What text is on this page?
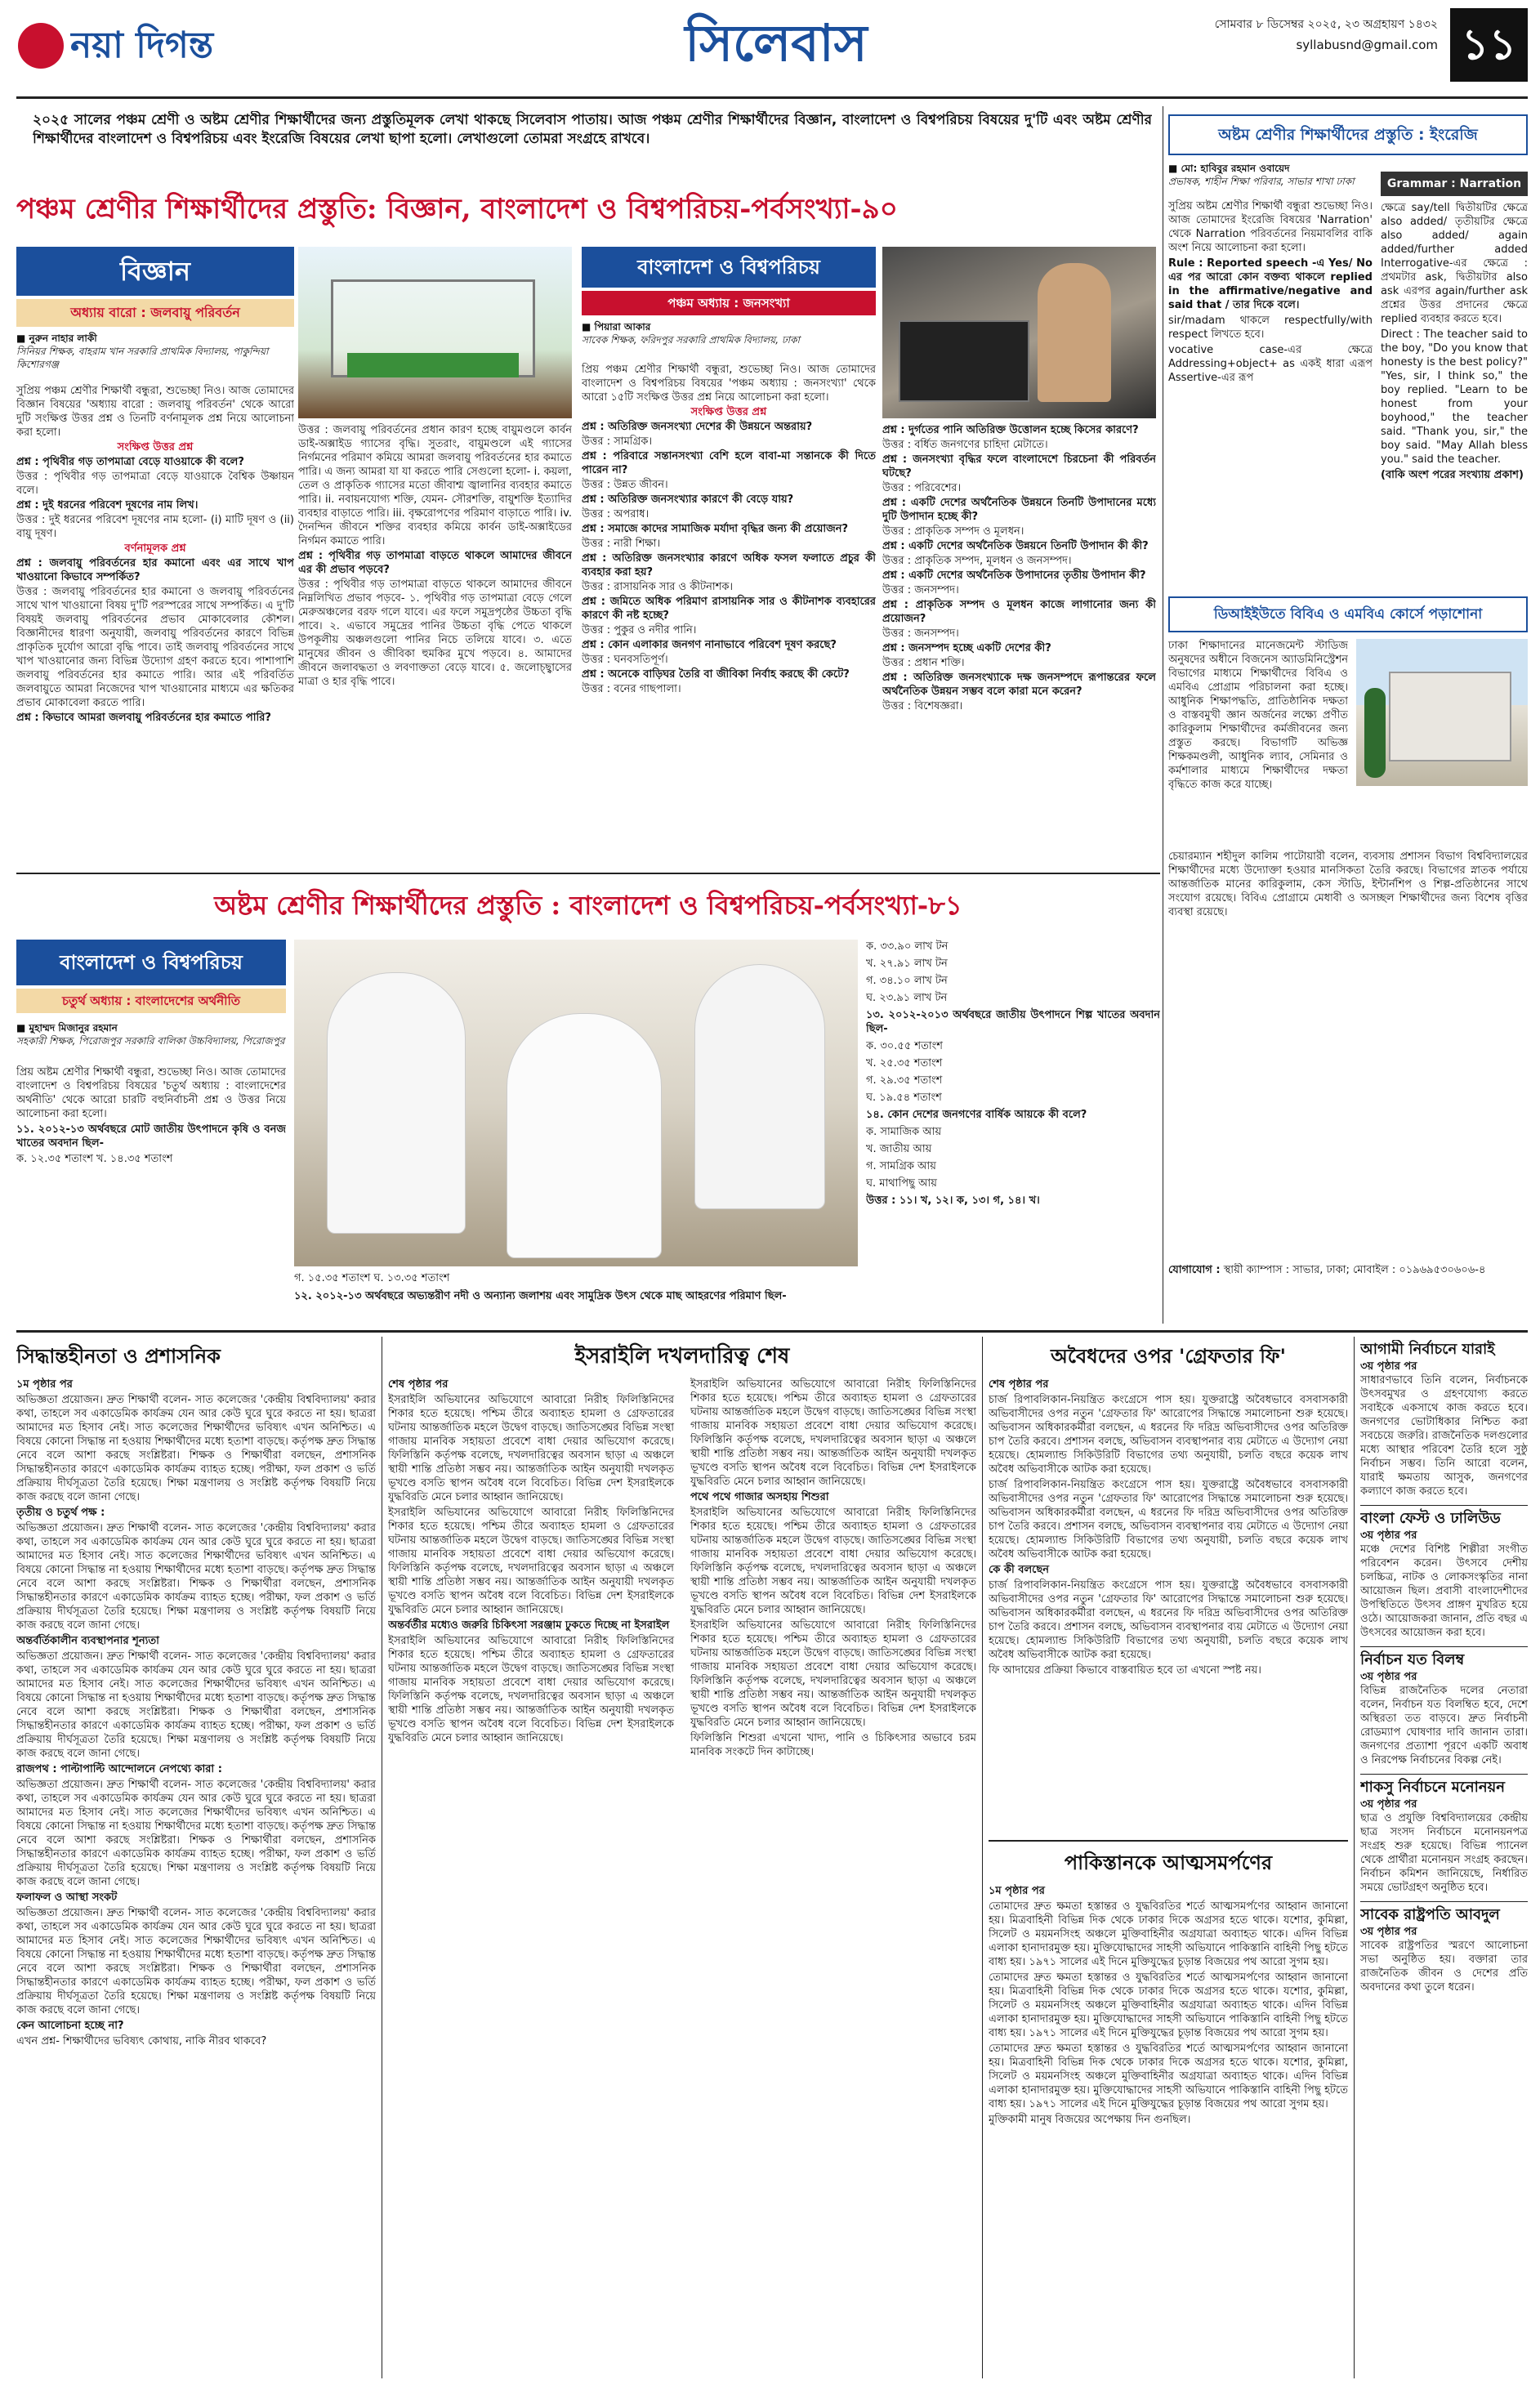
নয়া দিগন্ত	সিলেবাস	সোমবার ৮ ডিসেম্বর ২০২৫, ২৩ অগ্রহায়ণ ১৪৩২
syllabusnd@gmail.com ১১
২০২৫ সালের পঞ্চম শ্রেণী ও অষ্টম শ্রেণীর শিক্ষার্থীদের জন্য প্রস্তুতিমূলক লেখা থাকছে সিলেবাস পাতায়। আজ পঞ্চম শ্রেণীর শিক্ষার্থীদের বিজ্ঞান, বাংলাদেশ ও বিশ্বপরিচয় বিষয়ের দু'টি এবং অষ্টম শ্রেণীর শিক্ষার্থীদের বাংলাদেশ ও বিশ্বপরিচয় এবং ইংরেজি বিষয়ের লেখা ছাপা হলো। লেখাগুলো তোমরা সংগ্রহে রাখবে।
পঞ্চম শ্রেণীর শিক্ষার্থীদের প্রস্তুতি: বিজ্ঞান, বাংলাদেশ ও বিশ্বপরিচয়-পর্বসংখ্যা-৯০
বিজ্ঞান
অধ্যায় বারো : জলবায়ু পরিবর্তন
■ নুরুন নাহার লাকী
সিনিয়র শিক্ষক, বাহরাম খান সরকারি প্রাথমিক বিদ্যালয়, পাকুন্দিয়া কিশোরগঞ্জ

সুপ্রিয় পঞ্চম শ্রেণীর শিক্ষার্থী বন্ধুরা, শুভেচ্ছা নিও। আজ তোমাদের বিজ্ঞান বিষয়ের 'অধ্যায় বারো : জলবায়ু পরিবর্তন' থেকে আরো দুটি সংক্ষিপ্ত উত্তর প্রশ্ন ও তিনটি বর্ণনামূলক প্রশ্ন নিয়ে আলোচনা করা হলো।

সংক্ষিপ্ত উত্তর প্রশ্ন

প্রশ্ন : পৃথিবীর গড় তাপমাত্রা বেড়ে যাওয়াকে কী বলে?

উত্তর : পৃথিবীর গড় তাপমাত্রা বেড়ে যাওয়াকে বৈশ্বিক উষ্ণায়ন বলে।

প্রশ্ন : দুই ধরনের পরিবেশ দূষণের নাম লিখ।

উত্তর : দুই ধরনের পরিবেশ দূষণের নাম হলো- (i) মাটি দূষণ ও (ii) বায়ু দূষণ।

বর্ণনামূলক প্রশ্ন

প্রশ্ন : জলবায়ু পরিবর্তনের হার কমানো এবং এর সাথে খাপ খাওয়ানো কিভাবে সম্পর্কিত?

উত্তর : জলবায়ু পরিবর্তনের হার কমানো ও জলবায়ু পরিবর্তনের সাথে খাপ খাওয়ানো বিষয় দু'টি পরস্পরের সাথে সম্পর্কিত। এ দু'টি বিষয়ই জলবায়ু পরিবর্তনের প্রভাব মোকাবেলার কৌশল। বিজ্ঞানীদের ধারণা অনুযায়ী, জলবায়ু পরিবর্তনের কারণে বিভিন্ন প্রাকৃতিক দুর্যোগ আরো বৃদ্ধি পাবে। তাই জলবায়ু পরিবর্তনের সাথে খাপ খাওয়ানোর জন্য বিভিন্ন উদ্যোগ গ্রহণ করতে হবে। পাশাপাশি জলবায়ু পরিবর্তনের হার কমাতে পারি। আর এই পরিবর্তিত জলবায়ুতে আমরা নিজেদের খাপ খাওয়ানোর মাধ্যমে এর ক্ষতিকর প্রভাব মোকাবেলা করতে পারি।

প্রশ্ন : কিভাবে আমরা জলবায়ু পরিবর্তনের হার কমাতে পারি?

উত্তর : জলবায়ু পরিবর্তনের প্রধান কারণ হচ্ছে বায়ুমণ্ডলে কার্বন ডাই-অক্সাইড গ্যাসের বৃদ্ধি। সুতরাং, বায়ুমণ্ডলে এই গ্যাসের নির্গমনের পরিমাণ কমিয়ে আমরা জলবায়ু পরিবর্তনের হার কমাতে পারি। এ জন্য আমরা যা যা করতে পারি সেগুলো হলো- i. কয়লা, তেল ও প্রাকৃতিক গ্যাসের মতো জীবাশ্ম জ্বালানির ব্যবহার কমাতে পারি। ii. নবায়নযোগ্য শক্তি, যেমন- সৌরশক্তি, বায়ুশক্তি ইত্যাদির ব্যবহার বাড়াতে পারি। iii. বৃক্ষরোপণের পরিমাণ বাড়াতে পারি। iv. দৈনন্দিন জীবনে শক্তির ব্যবহার কমিয়ে কার্বন ডাই-অক্সাইডের নির্গমন কমাতে পারি।

প্রশ্ন : পৃথিবীর গড় তাপমাত্রা বাড়তে থাকলে আমাদের জীবনে এর কী প্রভাব পড়বে?

উত্তর : পৃথিবীর গড় তাপমাত্রা বাড়তে থাকলে আমাদের জীবনে নিম্নলিখিত প্রভাব পড়বে- ১. পৃথিবীর গড় তাপমাত্রা বেড়ে গেলে মেরুঅঞ্চলের বরফ গলে যাবে। এর ফলে সমুদ্রপৃষ্ঠের উচ্চতা বৃদ্ধি পাবে। ২. এভাবে সমুদ্রের পানির উচ্চতা বৃদ্ধি পেতে থাকলে উপকূলীয় অঞ্চলগুলো পানির নিচে তলিয়ে যাবে। ৩. এতে মানুষের জীবন ও জীবিকা হুমকির মুখে পড়বে। ৪. আমাদের জীবনে জলাবদ্ধতা ও লবণাক্ততা বেড়ে যাবে। ৫. জলোচ্ছ্বাসের মাত্রা ও হার বৃদ্ধি পাবে।

বাংলাদেশ ও বিশ্বপরিচয়
পঞ্চম অধ্যায় : জনসংখ্যা
■ পিয়ারা আকার
সাবেক শিক্ষক, ফরিদপুর সরকারি প্রাথমিক বিদ্যালয়, ঢাকা

প্রিয় পঞ্চম শ্রেণীর শিক্ষার্থী বন্ধুরা, শুভেচ্ছা নিও। আজ তোমাদের বাংলাদেশ ও বিশ্বপরিচয় বিষয়ের 'পঞ্চম অধ্যায় : জনসংখ্যা' থেকে আরো ১৫টি সংক্ষিপ্ত উত্তর প্রশ্ন নিয়ে আলোচনা করা হলো।

সংক্ষিপ্ত উত্তর প্রশ্ন

প্রশ্ন : অতিরিক্ত জনসংখ্যা দেশের কী উন্নয়নে অন্তরায়?

উত্তর : সামগ্রিক।

প্রশ্ন : পরিবারে সন্তানসংখ্যা বেশি হলে বাবা-মা সন্তানকে কী দিতে পারেন না?

উত্তর : উন্নত জীবন।

প্রশ্ন : অতিরিক্ত জনসংখ্যার কারণে কী বেড়ে যায়?

উত্তর : অপরাধ।

প্রশ্ন : সমাজে কাদের সামাজিক মর্যাদা বৃদ্ধির জন্য কী প্রয়োজন?

উত্তর : নারী শিক্ষা।

প্রশ্ন : অতিরিক্ত জনসংখ্যার কারণে অধিক ফসল ফলাতে প্রচুর কী ব্যবহার করা হয়?

উত্তর : রাসায়নিক সার ও কীটনাশক।

প্রশ্ন : জমিতে অধিক পরিমাণ রাসায়নিক সার ও কীটনাশক ব্যবহারের কারণে কী নষ্ট হচ্ছে?

উত্তর : পুকুর ও নদীর পানি।

প্রশ্ন : কোন এলাকার জনগণ নানাভাবে পরিবেশ দূষণ করছে?

উত্তর : ঘনবসতিপূর্ণ।

প্রশ্ন : অনেকে বাড়িঘর তৈরি বা জীবিকা নির্বাহ করছে কী কেটে?

উত্তর : বনের গাছপালা।

প্রশ্ন : দুর্গতের পানি অতিরিক্ত উত্তোলন হচ্ছে কিসের কারণে?

উত্তর : বর্ধিত জনগণের চাহিদা মেটাতে।

প্রশ্ন : জনসংখ্যা বৃদ্ধির ফলে বাংলাদেশে চিরচেনা কী পরিবর্তন ঘটছে?

উত্তর : পরিবেশের।

প্রশ্ন : একটি দেশের অর্থনৈতিক উন্নয়নে তিনটি উপাদানের মধ্যে দুটি উপাদান হচ্ছে কী?

উত্তর : প্রাকৃতিক সম্পদ ও মূলধন।

প্রশ্ন : একটি দেশের অর্থনৈতিক উন্নয়নে তিনটি উপাদান কী কী?

উত্তর : প্রাকৃতিক সম্পদ, মূলধন ও জনসম্পদ।

প্রশ্ন : একটি দেশের অর্থনৈতিক উপাদানের তৃতীয় উপাদান কী?

উত্তর : জনসম্পদ।

প্রশ্ন : প্রাকৃতিক সম্পদ ও মূলধন কাজে লাগানোর জন্য কী প্রয়োজন?

উত্তর : জনসম্পদ।

প্রশ্ন : জনসম্পদ হচ্ছে একটি দেশের কী?

উত্তর : প্রধান শক্তি।

প্রশ্ন : অতিরিক্ত জনসংখ্যাকে দক্ষ জনসম্পদে রূপান্তরের ফলে অর্থনৈতিক উন্নয়ন সম্ভব বলে কারা মনে করেন?

উত্তর : বিশেষজ্ঞরা।

অষ্টম শ্রেণীর শিক্ষার্থীদের প্রস্তুতি : ইংরেজি
■ মো: হাবিবুর রহমান ওবায়েদ
প্রভাষক, শাহীন শিক্ষা পরিবার, সাভার শাখা ঢাকা

সুপ্রিয় অষ্টম শ্রেণীর শিক্ষার্থী বন্ধুরা শুভেচ্ছা নিও। আজ তোমাদের ইংরেজি বিষয়ের 'Narration' থেকে Narration পরিবর্তনের নিয়মাবলির বাকি অংশ নিয়ে আলোচনা করা হলো।

Rule : Reported speech -এ Yes/ No এর পর আরো কোন বক্তব্য থাকলে replied in the affirmative/negative and said that / তার দিকে বলে।

sir/madam থাকলে respectfully/with respect লিখতে হবে।

vocative case-এর ক্ষেত্রে Addressing+object+ as একই ধারা এরূপ Assertive-এর রূপ

Grammar : Narration

ক্ষেত্রে say/tell দ্বিতীয়টির ক্ষেত্রে also added/ তৃতীয়টির ক্ষেত্রে also added/ again added/further added Interrogative-এর ক্ষেত্রে : প্রথমটার ask, দ্বিতীয়টার also ask এরপর again/further ask প্রশ্নের উত্তর প্রদানের ক্ষেত্রে replied ব্যবহার করতে হবে।

Direct : The teacher said to the boy, "Do you know that honesty is the best policy?" "Yes, sir, I think so," the boy replied. "Learn to be honest from your boyhood," the teacher said. "Thank you, sir," the boy said. "May Allah bless you." said the teacher.

(বাকি অংশ পরের সংখ্যায় প্রকাশ)

ডিআইইউতে বিবিএ ও এমবিএ কোর্সে পড়াশোনা
ঢাকা শিক্ষাদানের মানেজমেন্ট স্টাডিজ অনুষদের অধীনে বিজনেস অ্যাডমিনিস্ট্রেশন বিভাগের মাধ্যমে শিক্ষার্থীদের বিবিএ ও এমবিএ প্রোগ্রাম পরিচালনা করা হচ্ছে। আধুনিক শিক্ষাপদ্ধতি, প্রাতিষ্ঠানিক দক্ষতা ও বাস্তবমুখী জ্ঞান অর্জনের লক্ষ্যে প্রণীত কারিকুলাম শিক্ষার্থীদের কর্মজীবনের জন্য প্রস্তুত করছে। বিভাগটি অভিজ্ঞ শিক্ষকমণ্ডলী, আধুনিক ল্যাব, সেমিনার ও কর্মশালার মাধ্যমে শিক্ষার্থীদের দক্ষতা বৃদ্ধিতে কাজ করে যাচ্ছে।
চেয়ারম্যান শহীদুল কালিম পাটোয়ারী বলেন, ব্যবসায় প্রশাসন বিভাগ বিশ্ববিদ্যালয়ের শিক্ষার্থীদের মধ্যে উদ্যোক্তা হওয়ার মানসিকতা তৈরি করছে। বিভাগের স্নাতক পর্যায়ে আন্তর্জাতিক মানের কারিকুলাম, কেস স্টাডি, ইন্টার্নশিপ ও শিল্প-প্রতিষ্ঠানের সাথে সংযোগ রয়েছে। বিবিএ প্রোগ্রামে মেধাবী ও অসচ্ছল শিক্ষার্থীদের জন্য বিশেষ বৃত্তির ব্যবস্থা রয়েছে।
যোগাযোগ : স্থায়ী ক্যাম্পাস : সাভার, ঢাকা; মোবাইল : ০১৯৬৯৫৩০৬০৬-৪
অষ্টম শ্রেণীর শিক্ষার্থীদের প্রস্তুতি : বাংলাদেশ ও বিশ্বপরিচয়-পর্বসংখ্যা-৮১
বাংলাদেশ ও বিশ্বপরিচয়
চতুর্থ অধ্যায় : বাংলাদেশের অর্থনীতি
■ মুহাম্মদ মিজানুর রহমান
সহকারী শিক্ষক, পিরোজপুর সরকারি বালিকা উচ্চবিদ্যালয়, পিরোজপুর

প্রিয় অষ্টম শ্রেণীর শিক্ষার্থী বন্ধুরা, শুভেচ্ছা নিও। আজ তোমাদের বাংলাদেশ ও বিশ্বপরিচয় বিষয়ের 'চতুর্থ অধ্যায় : বাংলাদেশের অর্থনীতি' থেকে আরো চারটি বহুনির্বাচনী প্রশ্ন ও উত্তর নিয়ে আলোচনা করা হলো।

১১. ২০১২-১৩ অর্থবছরে মোট জাতীয় উৎপাদনে কৃষি ও বনজ খাতের অবদান ছিল-

ক. ১২.৩৫ শতাংশ খ. ১৪.৩৫ শতাংশ

গ. ১৫.৩৫ শতাংশ ঘ. ১৩.৩৫ শতাংশ
১২. ২০১২-১৩ অর্থবছরে অভ্যন্তরীণ নদী ও অন্যান্য জলাশয় এবং সামুদ্রিক উৎস থেকে মাছ আহরণের পরিমাণ ছিল-

ক. ৩৩.৯০ লাখ টন

খ. ২৭.৯১ লাখ টন

গ. ৩৪.১০ লাখ টন

ঘ. ২৩.৯১ লাখ টন

১৩. ২০১২-২০১৩ অর্থবছরে জাতীয় উৎপাদনে শিল্প খাতের অবদান ছিল-

ক. ৩০.৫৫ শতাংশ

খ. ২৫.৩৫ শতাংশ

গ. ২৯.৩৫ শতাংশ

ঘ. ১৯.৫৪ শতাংশ

১৪. কোন দেশের জনগণের বার্ষিক আয়কে কী বলে?

ক. সামাজিক আয়

খ. জাতীয় আয়

গ. সামগ্রিক আয়

ঘ. মাথাপিছু আয়

উত্তর : ১১। খ, ১২। ক, ১৩। গ, ১৪। খ।

সিদ্ধান্তহীনতা ও প্রশাসনিক

১ম পৃষ্ঠার পর

অভিজ্ঞতা প্রয়োজন। দ্রুত শিক্ষার্থী বলেন- সাত কলেজের 'কেন্দ্রীয় বিশ্ববিদ্যালয়' করার কথা, তাহলে সব একাডেমিক কার্যক্রম যেন আর কেউ ঘুরে ঘুরে করতে না হয়। ছাত্ররা আমাদের মত হিসাব নেই। সাত কলেজের শিক্ষার্থীদের ভবিষ্যৎ এখন অনিশ্চিত। এ বিষয়ে কোনো সিদ্ধান্ত না হওয়ায় শিক্ষার্থীদের মধ্যে হতাশা বাড়ছে। কর্তৃপক্ষ দ্রুত সিদ্ধান্ত নেবে বলে আশা করছে সংশ্লিষ্টরা। শিক্ষক ও শিক্ষার্থীরা বলছেন, প্রশাসনিক সিদ্ধান্তহীনতার কারণে একাডেমিক কার্যক্রম ব্যাহত হচ্ছে। পরীক্ষা, ফল প্রকাশ ও ভর্তি প্রক্রিয়ায় দীর্ঘসূত্রতা তৈরি হয়েছে। শিক্ষা মন্ত্রণালয় ও সংশ্লিষ্ট কর্তৃপক্ষ বিষয়টি নিয়ে কাজ করছে বলে জানা গেছে।

তৃতীয় ও চতুর্থ পক্ষ :

অভিজ্ঞতা প্রয়োজন। দ্রুত শিক্ষার্থী বলেন- সাত কলেজের 'কেন্দ্রীয় বিশ্ববিদ্যালয়' করার কথা, তাহলে সব একাডেমিক কার্যক্রম যেন আর কেউ ঘুরে ঘুরে করতে না হয়। ছাত্ররা আমাদের মত হিসাব নেই। সাত কলেজের শিক্ষার্থীদের ভবিষ্যৎ এখন অনিশ্চিত। এ বিষয়ে কোনো সিদ্ধান্ত না হওয়ায় শিক্ষার্থীদের মধ্যে হতাশা বাড়ছে। কর্তৃপক্ষ দ্রুত সিদ্ধান্ত নেবে বলে আশা করছে সংশ্লিষ্টরা। শিক্ষক ও শিক্ষার্থীরা বলছেন, প্রশাসনিক সিদ্ধান্তহীনতার কারণে একাডেমিক কার্যক্রম ব্যাহত হচ্ছে। পরীক্ষা, ফল প্রকাশ ও ভর্তি প্রক্রিয়ায় দীর্ঘসূত্রতা তৈরি হয়েছে। শিক্ষা মন্ত্রণালয় ও সংশ্লিষ্ট কর্তৃপক্ষ বিষয়টি নিয়ে কাজ করছে বলে জানা গেছে।

অন্তর্বর্তিকালীন ব্যবস্থাপনার শূন্যতা

অভিজ্ঞতা প্রয়োজন। দ্রুত শিক্ষার্থী বলেন- সাত কলেজের 'কেন্দ্রীয় বিশ্ববিদ্যালয়' করার কথা, তাহলে সব একাডেমিক কার্যক্রম যেন আর কেউ ঘুরে ঘুরে করতে না হয়। ছাত্ররা আমাদের মত হিসাব নেই। সাত কলেজের শিক্ষার্থীদের ভবিষ্যৎ এখন অনিশ্চিত। এ বিষয়ে কোনো সিদ্ধান্ত না হওয়ায় শিক্ষার্থীদের মধ্যে হতাশা বাড়ছে। কর্তৃপক্ষ দ্রুত সিদ্ধান্ত নেবে বলে আশা করছে সংশ্লিষ্টরা। শিক্ষক ও শিক্ষার্থীরা বলছেন, প্রশাসনিক সিদ্ধান্তহীনতার কারণে একাডেমিক কার্যক্রম ব্যাহত হচ্ছে। পরীক্ষা, ফল প্রকাশ ও ভর্তি প্রক্রিয়ায় দীর্ঘসূত্রতা তৈরি হয়েছে। শিক্ষা মন্ত্রণালয় ও সংশ্লিষ্ট কর্তৃপক্ষ বিষয়টি নিয়ে কাজ করছে বলে জানা গেছে।

রাজপথ : পাল্টাপাল্টি আন্দোলনে নেপথ্যে কারা :

অভিজ্ঞতা প্রয়োজন। দ্রুত শিক্ষার্থী বলেন- সাত কলেজের 'কেন্দ্রীয় বিশ্ববিদ্যালয়' করার কথা, তাহলে সব একাডেমিক কার্যক্রম যেন আর কেউ ঘুরে ঘুরে করতে না হয়। ছাত্ররা আমাদের মত হিসাব নেই। সাত কলেজের শিক্ষার্থীদের ভবিষ্যৎ এখন অনিশ্চিত। এ বিষয়ে কোনো সিদ্ধান্ত না হওয়ায় শিক্ষার্থীদের মধ্যে হতাশা বাড়ছে। কর্তৃপক্ষ দ্রুত সিদ্ধান্ত নেবে বলে আশা করছে সংশ্লিষ্টরা। শিক্ষক ও শিক্ষার্থীরা বলছেন, প্রশাসনিক সিদ্ধান্তহীনতার কারণে একাডেমিক কার্যক্রম ব্যাহত হচ্ছে। পরীক্ষা, ফল প্রকাশ ও ভর্তি প্রক্রিয়ায় দীর্ঘসূত্রতা তৈরি হয়েছে। শিক্ষা মন্ত্রণালয় ও সংশ্লিষ্ট কর্তৃপক্ষ বিষয়টি নিয়ে কাজ করছে বলে জানা গেছে।

ফলাফল ও আস্থা সংকট

অভিজ্ঞতা প্রয়োজন। দ্রুত শিক্ষার্থী বলেন- সাত কলেজের 'কেন্দ্রীয় বিশ্ববিদ্যালয়' করার কথা, তাহলে সব একাডেমিক কার্যক্রম যেন আর কেউ ঘুরে ঘুরে করতে না হয়। ছাত্ররা আমাদের মত হিসাব নেই। সাত কলেজের শিক্ষার্থীদের ভবিষ্যৎ এখন অনিশ্চিত। এ বিষয়ে কোনো সিদ্ধান্ত না হওয়ায় শিক্ষার্থীদের মধ্যে হতাশা বাড়ছে। কর্তৃপক্ষ দ্রুত সিদ্ধান্ত নেবে বলে আশা করছে সংশ্লিষ্টরা। শিক্ষক ও শিক্ষার্থীরা বলছেন, প্রশাসনিক সিদ্ধান্তহীনতার কারণে একাডেমিক কার্যক্রম ব্যাহত হচ্ছে। পরীক্ষা, ফল প্রকাশ ও ভর্তি প্রক্রিয়ায় দীর্ঘসূত্রতা তৈরি হয়েছে। শিক্ষা মন্ত্রণালয় ও সংশ্লিষ্ট কর্তৃপক্ষ বিষয়টি নিয়ে কাজ করছে বলে জানা গেছে।

কেন আলোচনা হচ্ছে না?

এখন প্রশ্ন- শিক্ষার্থীদের ভবিষ্যৎ কোথায়, নাকি নীরব থাকবে?

ইসরাইলি দখলদারিত্ব শেষ

শেষ পৃষ্ঠার পর

ইসরাইলি অভিযানের অভিযোগে আবারো নিরীহ ফিলিস্তিনিদের শিকার হতে হয়েছে। পশ্চিম তীরে অব্যাহত হামলা ও গ্রেফতারের ঘটনায় আন্তর্জাতিক মহলে উদ্বেগ বাড়ছে। জাতিসঙ্ঘের বিভিন্ন সংস্থা গাজায় মানবিক সহায়তা প্রবেশে বাধা দেয়ার অভিযোগ করেছে। ফিলিস্তিনি কর্তৃপক্ষ বলেছে, দখলদারিত্বের অবসান ছাড়া এ অঞ্চলে স্থায়ী শান্তি প্রতিষ্ঠা সম্ভব নয়। আন্তর্জাতিক আইন অনুযায়ী দখলকৃত ভূখণ্ডে বসতি স্থাপন অবৈধ বলে বিবেচিত। বিভিন্ন দেশ ইসরাইলকে যুদ্ধবিরতি মেনে চলার আহ্বান জানিয়েছে।

ইসরাইলি অভিযানের অভিযোগে আবারো নিরীহ ফিলিস্তিনিদের শিকার হতে হয়েছে। পশ্চিম তীরে অব্যাহত হামলা ও গ্রেফতারের ঘটনায় আন্তর্জাতিক মহলে উদ্বেগ বাড়ছে। জাতিসঙ্ঘের বিভিন্ন সংস্থা গাজায় মানবিক সহায়তা প্রবেশে বাধা দেয়ার অভিযোগ করেছে। ফিলিস্তিনি কর্তৃপক্ষ বলেছে, দখলদারিত্বের অবসান ছাড়া এ অঞ্চলে স্থায়ী শান্তি প্রতিষ্ঠা সম্ভব নয়। আন্তর্জাতিক আইন অনুযায়ী দখলকৃত ভূখণ্ডে বসতি স্থাপন অবৈধ বলে বিবেচিত। বিভিন্ন দেশ ইসরাইলকে যুদ্ধবিরতি মেনে চলার আহ্বান জানিয়েছে।

অন্তর্বর্তীর মধ্যেও জরুরি চিকিৎসা সরঞ্জাম ঢুকতে দিচ্ছে না ইসরাইল

ইসরাইলি অভিযানের অভিযোগে আবারো নিরীহ ফিলিস্তিনিদের শিকার হতে হয়েছে। পশ্চিম তীরে অব্যাহত হামলা ও গ্রেফতারের ঘটনায় আন্তর্জাতিক মহলে উদ্বেগ বাড়ছে। জাতিসঙ্ঘের বিভিন্ন সংস্থা গাজায় মানবিক সহায়তা প্রবেশে বাধা দেয়ার অভিযোগ করেছে। ফিলিস্তিনি কর্তৃপক্ষ বলেছে, দখলদারিত্বের অবসান ছাড়া এ অঞ্চলে স্থায়ী শান্তি প্রতিষ্ঠা সম্ভব নয়। আন্তর্জাতিক আইন অনুযায়ী দখলকৃত ভূখণ্ডে বসতি স্থাপন অবৈধ বলে বিবেচিত। বিভিন্ন দেশ ইসরাইলকে যুদ্ধবিরতি মেনে চলার আহ্বান জানিয়েছে।

ইসরাইলি অভিযানের অভিযোগে আবারো নিরীহ ফিলিস্তিনিদের শিকার হতে হয়েছে। পশ্চিম তীরে অব্যাহত হামলা ও গ্রেফতারের ঘটনায় আন্তর্জাতিক মহলে উদ্বেগ বাড়ছে। জাতিসঙ্ঘের বিভিন্ন সংস্থা গাজায় মানবিক সহায়তা প্রবেশে বাধা দেয়ার অভিযোগ করেছে। ফিলিস্তিনি কর্তৃপক্ষ বলেছে, দখলদারিত্বের অবসান ছাড়া এ অঞ্চলে স্থায়ী শান্তি প্রতিষ্ঠা সম্ভব নয়। আন্তর্জাতিক আইন অনুযায়ী দখলকৃত ভূখণ্ডে বসতি স্থাপন অবৈধ বলে বিবেচিত। বিভিন্ন দেশ ইসরাইলকে যুদ্ধবিরতি মেনে চলার আহ্বান জানিয়েছে।

পথে পথে গাজার অসহায় শিশুরা

ইসরাইলি অভিযানের অভিযোগে আবারো নিরীহ ফিলিস্তিনিদের শিকার হতে হয়েছে। পশ্চিম তীরে অব্যাহত হামলা ও গ্রেফতারের ঘটনায় আন্তর্জাতিক মহলে উদ্বেগ বাড়ছে। জাতিসঙ্ঘের বিভিন্ন সংস্থা গাজায় মানবিক সহায়তা প্রবেশে বাধা দেয়ার অভিযোগ করেছে। ফিলিস্তিনি কর্তৃপক্ষ বলেছে, দখলদারিত্বের অবসান ছাড়া এ অঞ্চলে স্থায়ী শান্তি প্রতিষ্ঠা সম্ভব নয়। আন্তর্জাতিক আইন অনুযায়ী দখলকৃত ভূখণ্ডে বসতি স্থাপন অবৈধ বলে বিবেচিত। বিভিন্ন দেশ ইসরাইলকে যুদ্ধবিরতি মেনে চলার আহ্বান জানিয়েছে।

ইসরাইলি অভিযানের অভিযোগে আবারো নিরীহ ফিলিস্তিনিদের শিকার হতে হয়েছে। পশ্চিম তীরে অব্যাহত হামলা ও গ্রেফতারের ঘটনায় আন্তর্জাতিক মহলে উদ্বেগ বাড়ছে। জাতিসঙ্ঘের বিভিন্ন সংস্থা গাজায় মানবিক সহায়তা প্রবেশে বাধা দেয়ার অভিযোগ করেছে। ফিলিস্তিনি কর্তৃপক্ষ বলেছে, দখলদারিত্বের অবসান ছাড়া এ অঞ্চলে স্থায়ী শান্তি প্রতিষ্ঠা সম্ভব নয়। আন্তর্জাতিক আইন অনুযায়ী দখলকৃত ভূখণ্ডে বসতি স্থাপন অবৈধ বলে বিবেচিত। বিভিন্ন দেশ ইসরাইলকে যুদ্ধবিরতি মেনে চলার আহ্বান জানিয়েছে।

ফিলিস্তিনি শিশুরা এখনো খাদ্য, পানি ও চিকিৎসার অভাবে চরম মানবিক সংকটে দিন কাটাচ্ছে।

অবৈধদের ওপর 'গ্রেফতার ফি'

শেষ পৃষ্ঠার পর

চার্জ রিপাবলিকান-নিয়ন্ত্রিত কংগ্রেসে পাস হয়। যুক্তরাষ্ট্রে অবৈধভাবে বসবাসকারী অভিবাসীদের ওপর নতুন 'গ্রেফতার ফি' আরোপের সিদ্ধান্তে সমালোচনা শুরু হয়েছে। অভিবাসন অধিকারকর্মীরা বলছেন, এ ধরনের ফি দরিদ্র অভিবাসীদের ওপর অতিরিক্ত চাপ তৈরি করবে। প্রশাসন বলছে, অভিবাসন ব্যবস্থাপনার ব্যয় মেটাতে এ উদ্যোগ নেয়া হয়েছে। হোমল্যান্ড সিকিউরিটি বিভাগের তথ্য অনুযায়ী, চলতি বছরে কয়েক লাখ অবৈধ অভিবাসীকে আটক করা হয়েছে।

চার্জ রিপাবলিকান-নিয়ন্ত্রিত কংগ্রেসে পাস হয়। যুক্তরাষ্ট্রে অবৈধভাবে বসবাসকারী অভিবাসীদের ওপর নতুন 'গ্রেফতার ফি' আরোপের সিদ্ধান্তে সমালোচনা শুরু হয়েছে। অভিবাসন অধিকারকর্মীরা বলছেন, এ ধরনের ফি দরিদ্র অভিবাসীদের ওপর অতিরিক্ত চাপ তৈরি করবে। প্রশাসন বলছে, অভিবাসন ব্যবস্থাপনার ব্যয় মেটাতে এ উদ্যোগ নেয়া হয়েছে। হোমল্যান্ড সিকিউরিটি বিভাগের তথ্য অনুযায়ী, চলতি বছরে কয়েক লাখ অবৈধ অভিবাসীকে আটক করা হয়েছে।

কে কী বলছেন

চার্জ রিপাবলিকান-নিয়ন্ত্রিত কংগ্রেসে পাস হয়। যুক্তরাষ্ট্রে অবৈধভাবে বসবাসকারী অভিবাসীদের ওপর নতুন 'গ্রেফতার ফি' আরোপের সিদ্ধান্তে সমালোচনা শুরু হয়েছে। অভিবাসন অধিকারকর্মীরা বলছেন, এ ধরনের ফি দরিদ্র অভিবাসীদের ওপর অতিরিক্ত চাপ তৈরি করবে। প্রশাসন বলছে, অভিবাসন ব্যবস্থাপনার ব্যয় মেটাতে এ উদ্যোগ নেয়া হয়েছে। হোমল্যান্ড সিকিউরিটি বিভাগের তথ্য অনুযায়ী, চলতি বছরে কয়েক লাখ অবৈধ অভিবাসীকে আটক করা হয়েছে।

ফি আদায়ের প্রক্রিয়া কিভাবে বাস্তবায়িত হবে তা এখনো স্পষ্ট নয়।

পাকিস্তানকে আত্মসমর্পণের

১ম পৃষ্ঠার পর

তোমাদের দ্রুত ক্ষমতা হস্তান্তর ও যুদ্ধবিরতির শর্তে আত্মসমর্পণের আহ্বান জানানো হয়। মিত্রবাহিনী বিভিন্ন দিক থেকে ঢাকার দিকে অগ্রসর হতে থাকে। যশোর, কুমিল্লা, সিলেট ও ময়মনসিংহ অঞ্চলে মুক্তিবাহিনীর অগ্রযাত্রা অব্যাহত থাকে। এদিন বিভিন্ন এলাকা হানাদারমুক্ত হয়। মুক্তিযোদ্ধাদের সাহসী অভিযানে পাকিস্তানি বাহিনী পিছু হটতে বাধ্য হয়। ১৯৭১ সালের এই দিনে মুক্তিযুদ্ধের চূড়ান্ত বিজয়ের পথ আরো সুগম হয়।

তোমাদের দ্রুত ক্ষমতা হস্তান্তর ও যুদ্ধবিরতির শর্তে আত্মসমর্পণের আহ্বান জানানো হয়। মিত্রবাহিনী বিভিন্ন দিক থেকে ঢাকার দিকে অগ্রসর হতে থাকে। যশোর, কুমিল্লা, সিলেট ও ময়মনসিংহ অঞ্চলে মুক্তিবাহিনীর অগ্রযাত্রা অব্যাহত থাকে। এদিন বিভিন্ন এলাকা হানাদারমুক্ত হয়। মুক্তিযোদ্ধাদের সাহসী অভিযানে পাকিস্তানি বাহিনী পিছু হটতে বাধ্য হয়। ১৯৭১ সালের এই দিনে মুক্তিযুদ্ধের চূড়ান্ত বিজয়ের পথ আরো সুগম হয়।

তোমাদের দ্রুত ক্ষমতা হস্তান্তর ও যুদ্ধবিরতির শর্তে আত্মসমর্পণের আহ্বান জানানো হয়। মিত্রবাহিনী বিভিন্ন দিক থেকে ঢাকার দিকে অগ্রসর হতে থাকে। যশোর, কুমিল্লা, সিলেট ও ময়মনসিংহ অঞ্চলে মুক্তিবাহিনীর অগ্রযাত্রা অব্যাহত থাকে। এদিন বিভিন্ন এলাকা হানাদারমুক্ত হয়। মুক্তিযোদ্ধাদের সাহসী অভিযানে পাকিস্তানি বাহিনী পিছু হটতে বাধ্য হয়। ১৯৭১ সালের এই দিনে মুক্তিযুদ্ধের চূড়ান্ত বিজয়ের পথ আরো সুগম হয়।

মুক্তিকামী মানুষ বিজয়ের অপেক্ষায় দিন গুনছিল।

আগামী নির্বাচনে যারাই
৩য় পৃষ্ঠার পর
সাধারণভাবে তিনি বলেন, নির্বাচনকে উৎসবমুখর ও গ্রহণযোগ্য করতে সবাইকে একসাথে কাজ করতে হবে। জনগণের ভোটাধিকার নিশ্চিত করা সবচেয়ে জরুরি। রাজনৈতিক দলগুলোর মধ্যে আস্থার পরিবেশ তৈরি হলে সুষ্ঠু নির্বাচন সম্ভব। তিনি আরো বলেন, যারাই ক্ষমতায় আসুক, জনগণের কল্যাণে কাজ করতে হবে।
বাংলা ফেস্ট ও ঢালিউড
৩য় পৃষ্ঠার পর
মঞ্চে দেশের বিশিষ্ট শিল্পীরা সংগীত পরিবেশন করেন। উৎসবে দেশীয় চলচ্চিত্র, নাটক ও লোকসংস্কৃতির নানা আয়োজন ছিল। প্রবাসী বাংলাদেশীদের উপস্থিতিতে উৎসব প্রাঙ্গণ মুখরিত হয়ে ওঠে। আয়োজকরা জানান, প্রতি বছর এ উৎসবের আয়োজন করা হবে।
নির্বাচন যত বিলম্ব
৩য় পৃষ্ঠার পর
বিভিন্ন রাজনৈতিক দলের নেতারা বলেন, নির্বাচন যত বিলম্বিত হবে, দেশে অস্থিরতা তত বাড়বে। দ্রুত নির্বাচনী রোডম্যাপ ঘোষণার দাবি জানান তারা। জনগণের প্রত্যাশা পূরণে একটি অবাধ ও নিরপেক্ষ নির্বাচনের বিকল্প নেই।
শাকসু নির্বাচনে মনোনয়ন
৩য় পৃষ্ঠার পর
ছাত্র ও প্রযুক্তি বিশ্ববিদ্যালয়ের কেন্দ্রীয় ছাত্র সংসদ নির্বাচনে মনোনয়নপত্র সংগ্রহ শুরু হয়েছে। বিভিন্ন প্যানেল থেকে প্রার্থীরা মনোনয়ন সংগ্রহ করছেন। নির্বাচন কমিশন জানিয়েছে, নির্ধারিত সময়ে ভোটগ্রহণ অনুষ্ঠিত হবে।
সাবেক রাষ্ট্রপতি আবদুল
৩য় পৃষ্ঠার পর
সাবেক রাষ্ট্রপতির স্মরণে আলোচনা সভা অনুষ্ঠিত হয়। বক্তারা তার রাজনৈতিক জীবন ও দেশের প্রতি অবদানের কথা তুলে ধরেন।
